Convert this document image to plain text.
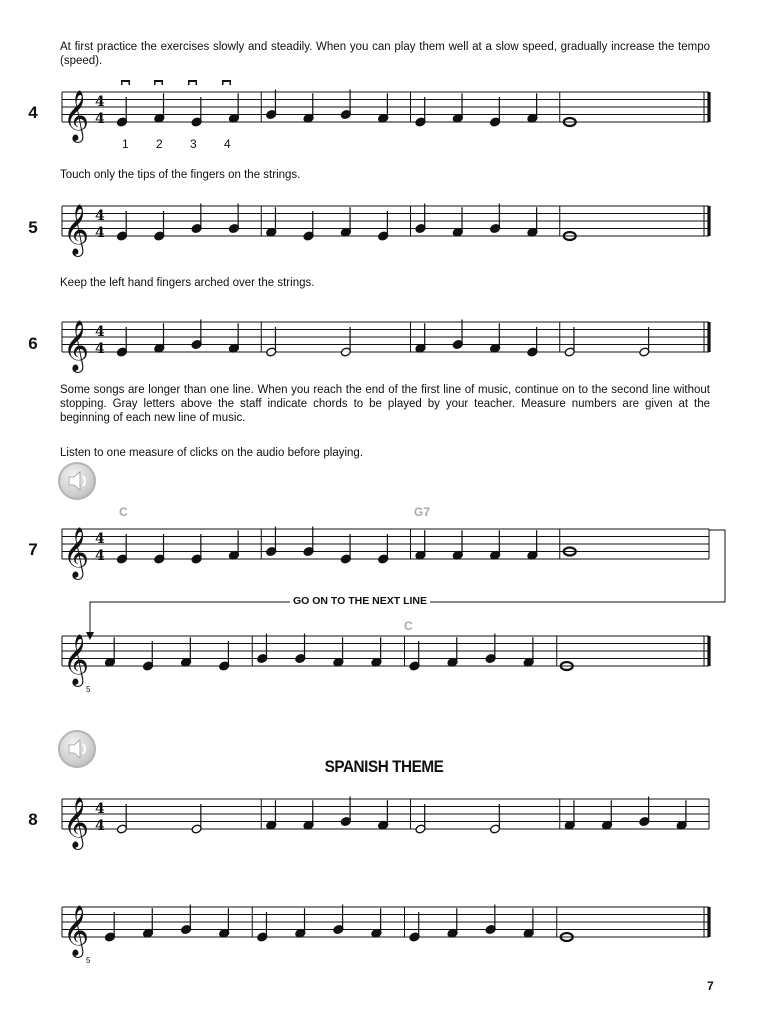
At first practice the exercises slowly and steadily. When you can play them well at a slow speed, gradually increase the tempo (speed).
Touch only the tips of the fingers on the strings.
Keep the left hand fingers arched over the strings.
Some songs are longer than one line. When you reach the end of the first line of music, continue on to the second line without stopping. Gray letters above the staff indicate chords to be played by your teacher. Measure numbers are given at the beginning of each new line of music.
Listen to one measure of clicks on the audio before playing.
4
5
6
7
8
𝄞 4
4
𝄞 4
4
𝄞 4
4
𝄞 4
4
𝄞
𝄞 4
4
𝄞
1 2 3 4
C	G7
C
5
5
GO ON TO THE NEXT LINE
SPANISH THEME
7
